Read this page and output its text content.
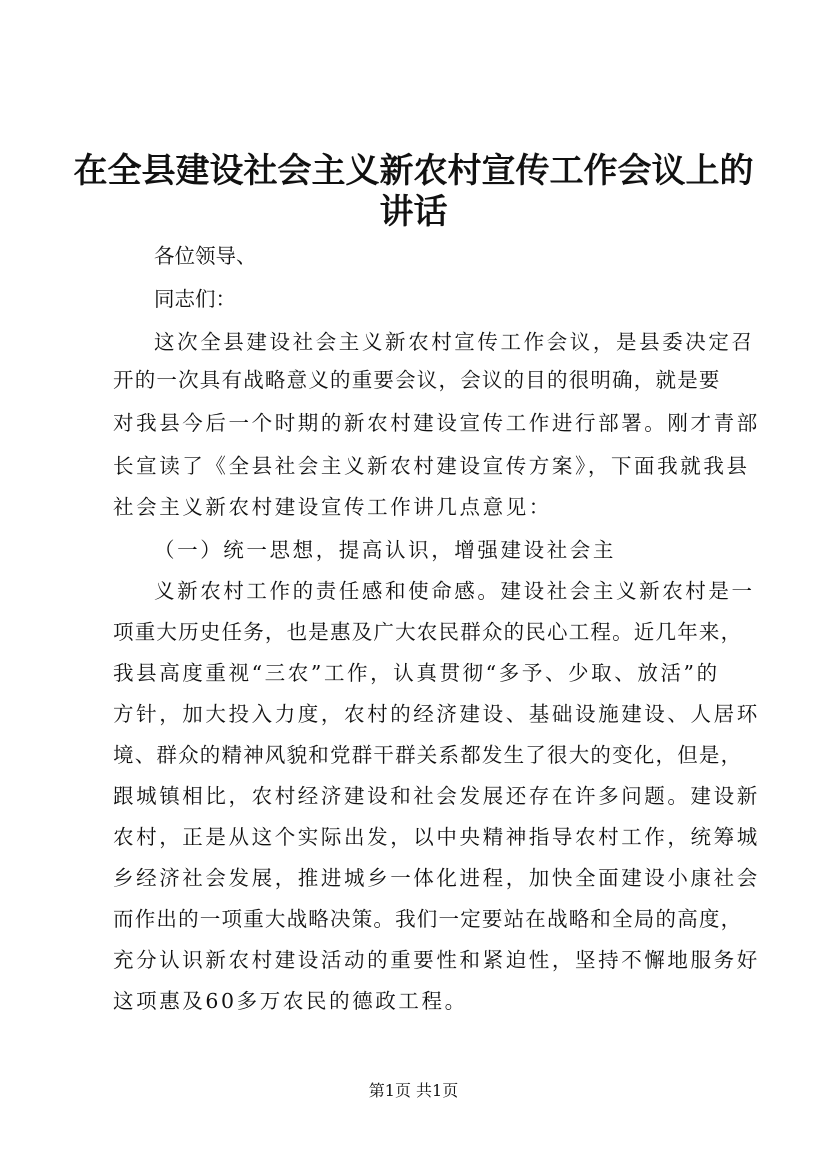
在全县建设社会主义新农村宣传工作会议上的
讲话
各位领导、
同志们：
这次全县建设社会主义新农村宣传工作会议，是县委决定召
开的一次具有战略意义的重要会议，会议的目的很明确，就是要
对我县今后一个时期的新农村建设宣传工作进行部署。刚才青部
长宣读了《全县社会主义新农村建设宣传方案》，下面我就我县
社会主义新农村建设宣传工作讲几点意见：
（一）统一思想，提高认识，增强建设社会主
义新农村工作的责任感和使命感。建设社会主义新农村是一
项重大历史任务，也是惠及广大农民群众的民心工程。近几年来，
我县高度重视“三农”工作，认真贯彻“多予、少取、放活”的
方针，加大投入力度，农村的经济建设、基础设施建设、人居环
境、群众的精神风貌和党群干群关系都发生了很大的变化，但是，
跟城镇相比，农村经济建设和社会发展还存在许多问题。建设新
农村，正是从这个实际出发，以中央精神指导农村工作，统筹城
乡经济社会发展，推进城乡一体化进程，加快全面建设小康社会
而作出的一项重大战略决策。我们一定要站在战略和全局的高度，
充分认识新农村建设活动的重要性和紧迫性，坚持不懈地服务好
这项惠及60多万农民的德政工程。
第1页 共1页
